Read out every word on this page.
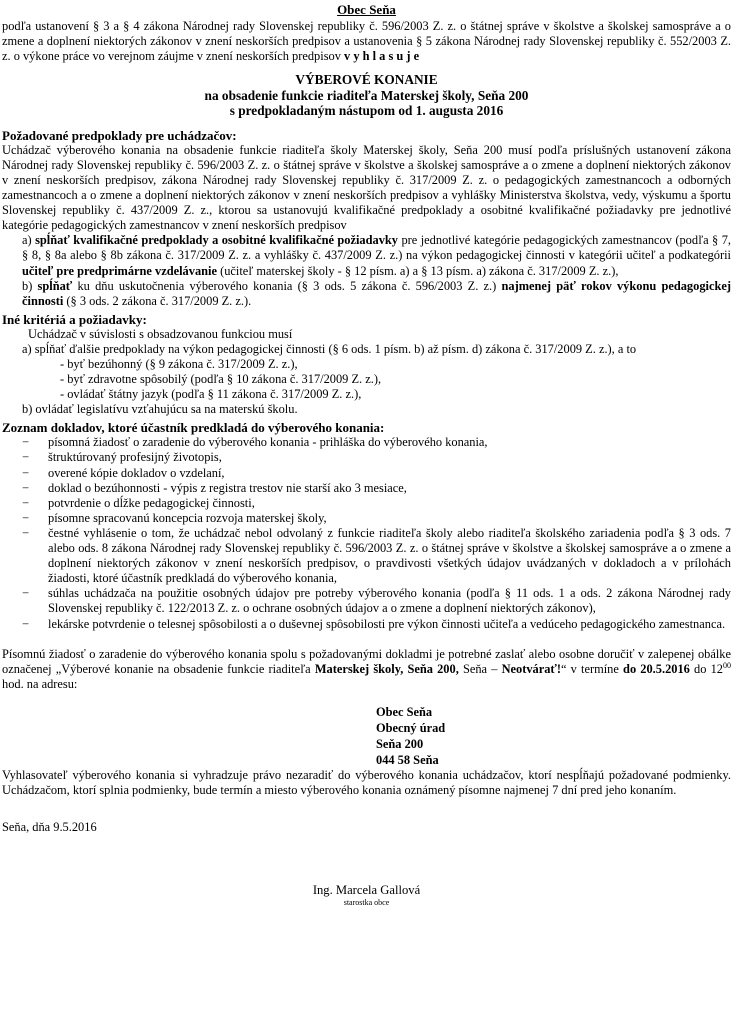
Obec Seňa
podľa ustanovení § 3 a § 4 zákona Národnej rady Slovenskej republiky č. 596/2003 Z. z. o štátnej správe v školstve a školskej samospráve a o zmene a doplnení niektorých zákonov v znení neskorších predpisov a ustanovenia § 5 zákona Národnej rady Slovenskej republiky č. 552/2003 Z. z. o výkone práce vo verejnom záujme v znení neskorších predpisov v y h l a s u j e
VÝBEROVÉ KONANIE
na obsadenie funkcie riaditeľa Materskej školy, Seňa 200
s predpokladaným nástupom od 1. augusta 2016
Požadované predpoklady pre uchádzačov:
Uchádzač výberového konania na obsadenie funkcie riaditeľa školy Materskej školy, Seňa 200 musí podľa príslušných ustanovení zákona Národnej rady Slovenskej republiky č. 596/2003 Z. z. o štátnej správe v školstve a školskej samospráve a o zmene a doplnení niektorých zákonov v znení neskorších predpisov, zákona Národnej rady Slovenskej republiky č. 317/2009 Z. z. o pedagogických zamestnancoch a odborných zamestnancoch a o zmene a doplnení niektorých zákonov v znení neskorších predpisov a vyhlášky Ministerstva školstva, vedy, výskumu a športu Slovenskej republiky č. 437/2009 Z. z., ktorou sa ustanovujú kvalifikačné predpoklady a osobitné kvalifikačné požiadavky pre jednotlivé kategórie pedagogických zamestnancov v znení neskorších predpisov
a) spĺňať kvalifikačné predpoklady a osobitné kvalifikačné požiadavky pre jednotlivé kategórie pedagogických zamestnancov (podľa § 7, § 8, § 8a alebo § 8b zákona č. 317/2009 Z. z. a vyhlášky č. 437/2009 Z. z.) na výkon pedagogickej činnosti v kategórii učiteľ a podkategórii učiteľ pre predprimárne vzdelávanie (učiteľ materskej školy - § 12 písm. a) a § 13 písm. a) zákona č. 317/2009 Z. z.),
b) spĺňať ku dňu uskutočnenia výberového konania (§ 3 ods. 5 zákona č. 596/2003 Z. z.) najmenej päť rokov výkonu pedagogickej činnosti (§ 3 ods. 2 zákona č. 317/2009 Z. z.).
Iné kritériá a požiadavky:
Uchádzač v súvislosti s obsadzovanou funkciou musí
a) spĺňať ďalšie predpoklady na výkon pedagogickej činnosti (§ 6 ods. 1 písm. b) až písm. d) zákona č. 317/2009 Z. z.), a to
- byť bezúhonný (§ 9 zákona č. 317/2009 Z. z.),
- byť zdravotne spôsobilý (podľa § 10 zákona č. 317/2009 Z. z.),
- ovládať štátny jazyk (podľa § 11 zákona č. 317/2009 Z. z.),
b) ovládať legislatívu vzťahujúcu sa na materskú školu.
Zoznam dokladov, ktoré účastník predkladá do výberového konania:
− písomná žiadosť o zaradenie do výberového konania - prihláška do výberového konania,
− štruktúrovaný profesijný životopis,
− overené kópie dokladov o vzdelaní,
− doklad o bezúhonnosti - výpis z registra trestov nie starší ako 3 mesiace,
− potvrdenie o dĺžke pedagogickej činnosti,
− písomne spracovanú koncepcia rozvoja materskej školy,
− čestné vyhlásenie o tom, že uchádzač nebol odvolaný z funkcie riaditeľa školy alebo riaditeľa školského zariadenia podľa § 3 ods. 7 alebo ods. 8 zákona Národnej rady Slovenskej republiky č. 596/2003 Z. z. o štátnej správe v školstve a školskej samospráve a o zmene a doplnení niektorých zákonov v znení neskorších predpisov, o pravdivosti všetkých údajov uvádzaných v dokladoch a v prílohách žiadosti, ktoré účastník predkladá do výberového konania,
− súhlas uchádzača na použitie osobných údajov pre potreby výberového konania (podľa § 11 ods. 1 a ods. 2 zákona Národnej rady Slovenskej republiky č. 122/2013 Z. z. o ochrane osobných údajov a o zmene a doplnení niektorých zákonov),
− lekárske potvrdenie o telesnej spôsobilosti a o duševnej spôsobilosti pre výkon činnosti učiteľa a vedúceho pedagogického zamestnanca.
Písomnú žiadosť o zaradenie do výberového konania spolu s požadovanými dokladmi je potrebné zaslať alebo osobne doručiť v zalepenej obálke označenej „Výberové konanie na obsadenie funkcie riaditeľa Materskej školy, Seňa 200, Seňa – Neotvárať!“ v termíne do 20.5.2016 do $12^{00}$ hod. na adresu:
Obec Seňa
Obecný úrad
Seňa 200
044 58 Seňa
Vyhlasovateľ výberového konania si vyhradzuje právo nezaradiť do výberového konania uchádzačov, ktorí nespĺňajú požadované podmienky. Uchádzačom, ktorí splnia podmienky, bude termín a miesto výberového konania oznámený písomne najmenej 7 dní pred jeho konaním.
Seňa, dňa 9.5.2016
Ing. Marcela Gallová
starostka obce
